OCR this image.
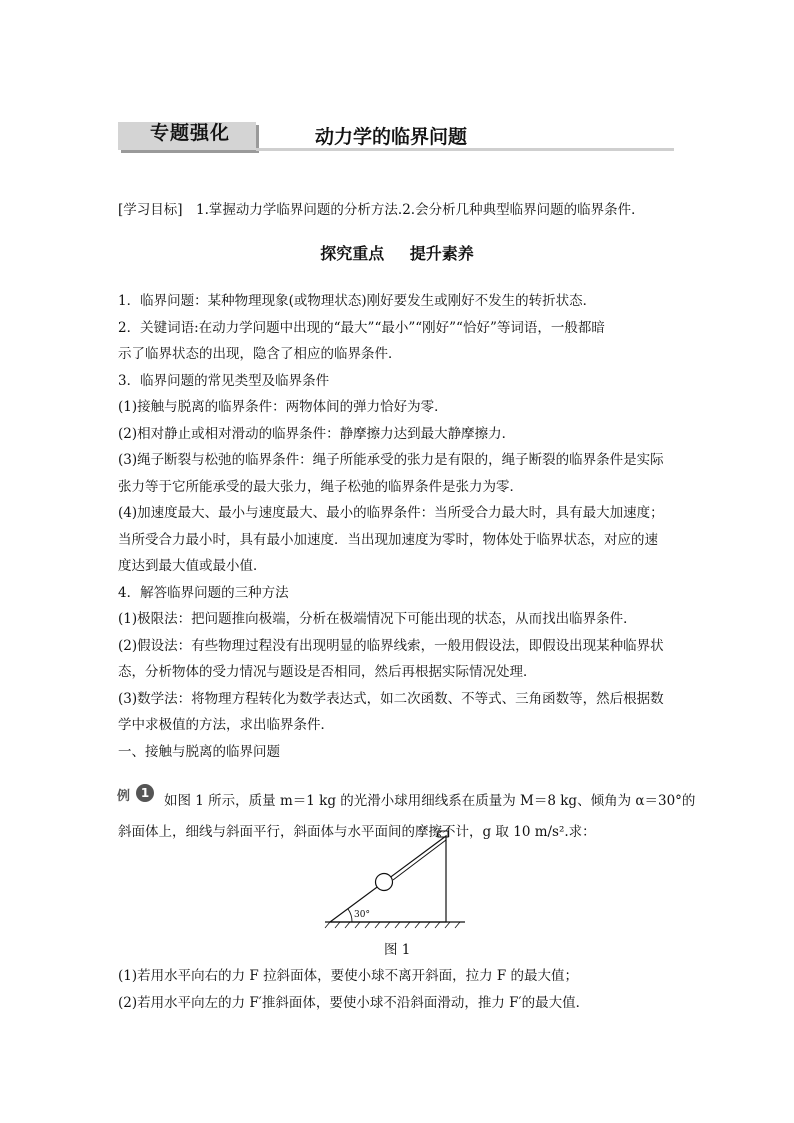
专题强化	动力学的临界问题
[学习目标]　1.掌握动力学临界问题的分析方法.2.会分析几种典型临界问题的临界条件．
探究重点 提升素养
1．临界问题：某种物理现象(或物理状态)刚好要发生或刚好不发生的转折状态．
2．关键词语:在动力学问题中出现的“最大”“最小”“刚好”“恰好”等词语，一般都暗
示了临界状态的出现，隐含了相应的临界条件．
3．临界问题的常见类型及临界条件
(1)接触与脱离的临界条件：两物体间的弹力恰好为零．
(2)相对静止或相对滑动的临界条件：静摩擦力达到最大静摩擦力．
(3)绳子断裂与松弛的临界条件：绳子所能承受的张力是有限的，绳子断裂的临界条件是实际
张力等于它所能承受的最大张力，绳子松弛的临界条件是张力为零．
(4)加速度最大、最小与速度最大、最小的临界条件：当所受合力最大时，具有最大加速度；
当所受合力最小时，具有最小加速度．当出现加速度为零时，物体处于临界状态，对应的速
度达到最大值或最小值．
4．解答临界问题的三种方法
(1)极限法：把问题推向极端，分析在极端情况下可能出现的状态，从而找出临界条件．
(2)假设法：有些物理过程没有出现明显的临界线索，一般用假设法，即假设出现某种临界状
态，分析物体的受力情况与题设是否相同，然后再根据实际情况处理．
(3)数学法：将物理方程转化为数学表达式，如二次函数、不等式、三角函数等，然后根据数
学中求极值的方法，求出临界条件．
一、接触与脱离的临界问题
例 1	如图 1 所示，质量 m＝1 kg 的光滑小球用细线系在质量为 M＝8 kg、倾角为 α＝30°的
斜面体上，细线与斜面平行，斜面体与水平面间的摩擦不计，g 取 10 m/s².求：
30°
图 1
(1)若用水平向右的力 F 拉斜面体，要使小球不离开斜面，拉力 F 的最大值；
(2)若用水平向左的力 F′推斜面体，要使小球不沿斜面滑动，推力 F′的最大值．
